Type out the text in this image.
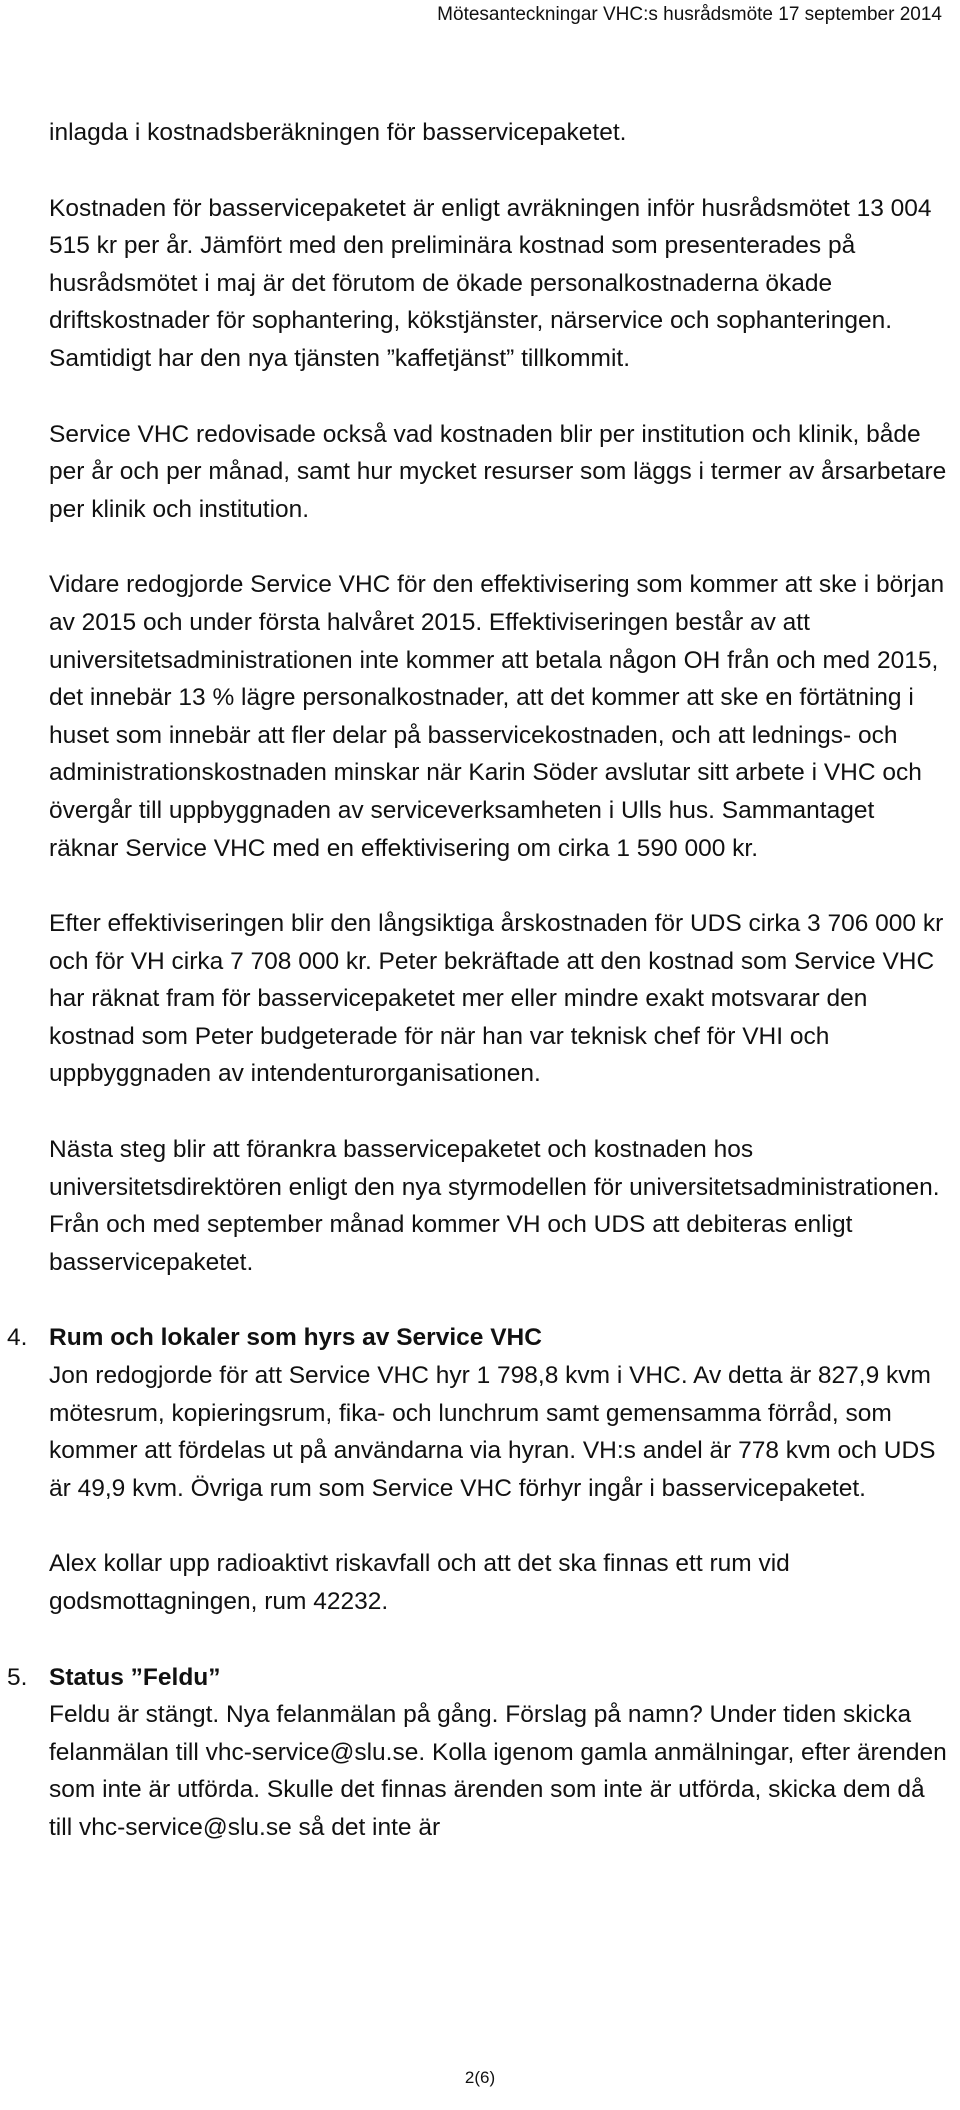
Mötesanteckningar VHC:s husrådsmöte 17 september 2014

inlagda i kostnadsberäkningen för basservicepaketet.

Kostnaden för basservicepaketet är enligt avräkningen inför husrådsmötet 13 004 515 kr per år. Jämfört med den preliminära kostnad som presenterades på husrådsmötet i maj är det förutom de ökade personalkostnaderna ökade driftskostnader för sophantering, kökstjänster, närservice och sophanteringen. Samtidigt har den nya tjänsten ”kaffetjänst” tillkommit.

Service VHC redovisade också vad kostnaden blir per institution och klinik, både per år och per månad, samt hur mycket resurser som läggs i termer av årsarbetare per klinik och institution.

Vidare redogjorde Service VHC för den effektivisering som kommer att ske i början av 2015 och under första halvåret 2015. Effektiviseringen består av att universitetsadministrationen inte kommer att betala någon OH från och med 2015, det innebär 13 % lägre personalkostnader, att det kommer att ske en förtätning i huset som innebär att fler delar på basservicekostnaden, och att lednings- och administrationskostnaden minskar när Karin Söder avslutar sitt arbete i VHC och övergår till uppbyggnaden av serviceverksamheten i Ulls hus. Sammantaget räknar Service VHC med en effektivisering om cirka 1 590 000 kr.

Efter effektiviseringen blir den långsiktiga årskostnaden för UDS cirka 3 706 000 kr och för VH cirka 7 708 000 kr. Peter bekräftade att den kostnad som Service VHC har räknat fram för basservicepaketet mer eller mindre exakt motsvarar den kostnad som Peter budgeterade för när han var teknisk chef för VHI och uppbyggnaden av intendenturorganisationen.

Nästa steg blir att förankra basservicepaketet och kostnaden hos universitetsdirektören enligt den nya styrmodellen för universitetsadministrationen. Från och med september månad kommer VH och UDS att debiteras enligt basservicepaketet.

4. Rum och lokaler som hyrs av Service VHC

Jon redogjorde för att Service VHC hyr 1 798,8 kvm i VHC. Av detta är 827,9 kvm mötesrum, kopieringsrum, fika- och lunchrum samt gemensamma förråd, som kommer att fördelas ut på användarna via hyran. VH:s andel är 778 kvm och UDS är 49,9 kvm. Övriga rum som Service VHC förhyr ingår i basservicepaketet.

Alex kollar upp radioaktivt riskavfall och att det ska finnas ett rum vid godsmottagningen, rum 42232.

5. Status ”Feldu”

Feldu är stängt. Nya felanmälan på gång. Förslag på namn? Under tiden skicka felanmälan till vhc-service@slu.se. Kolla igenom gamla anmälningar, efter ärenden som inte är utförda. Skulle det finnas ärenden som inte är utförda, skicka dem då till vhc-service@slu.se så det inte är

2(6)
